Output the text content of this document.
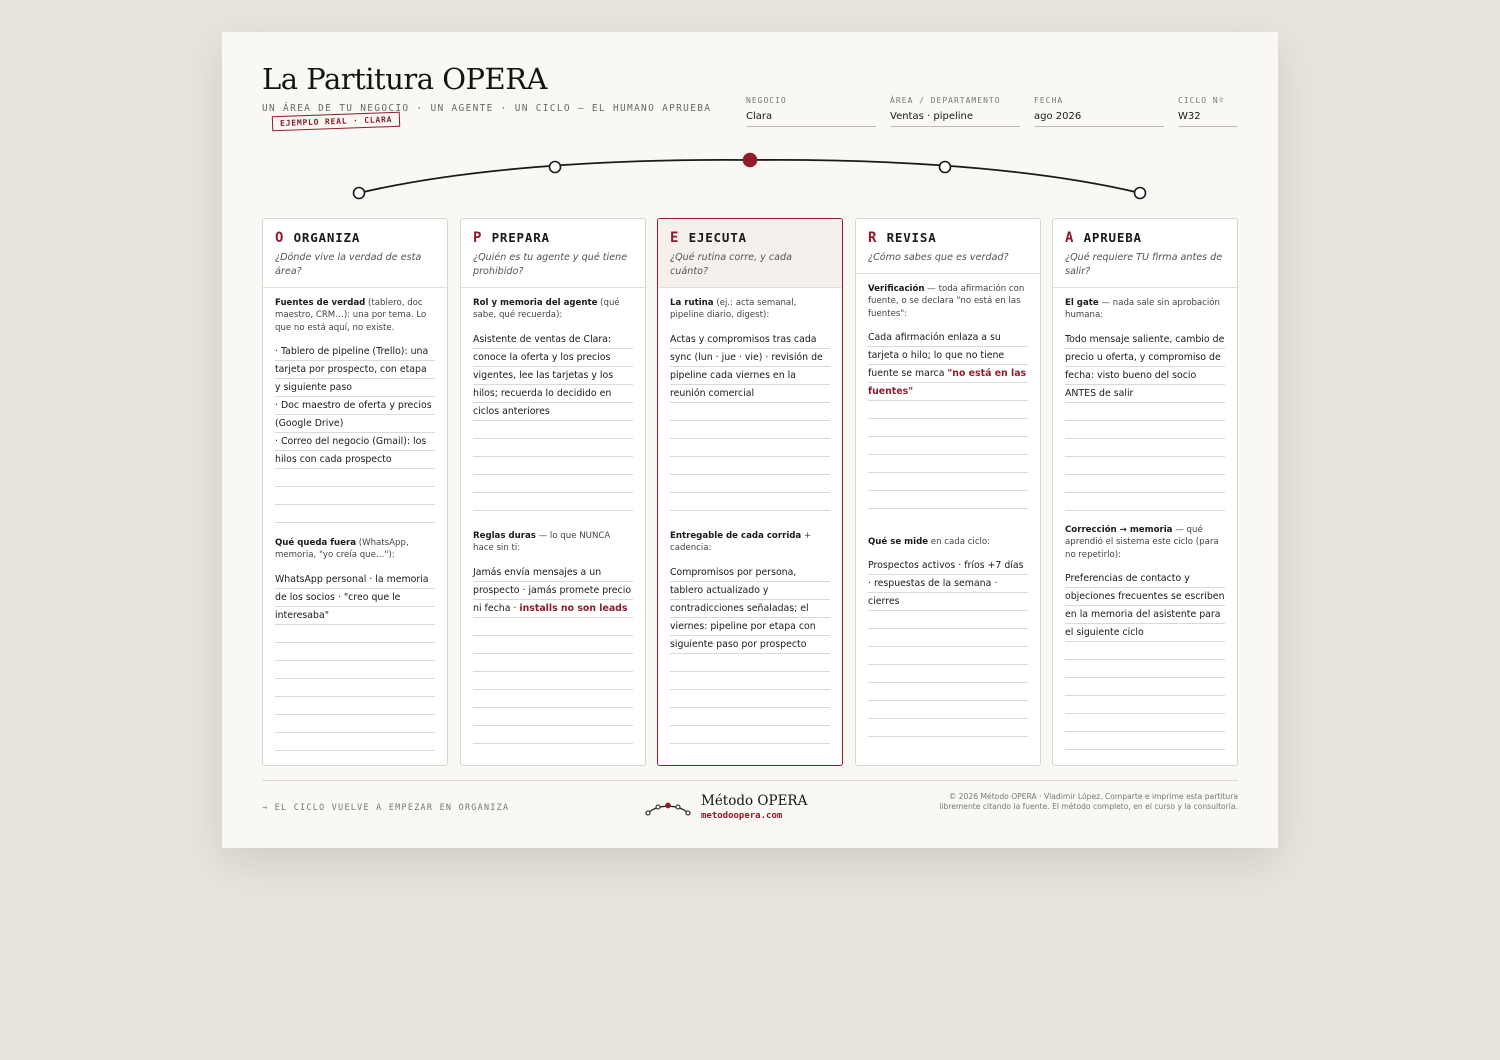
La Partitura OPERA
UN ÁREA DE TU NEGOCIO · UN AGENTE · UN CICLO — EL HUMANO APRUEBA
EJEMPLO REAL · CLARA
NEGOCIO
Clara
ÁREA / DEPARTAMENTO
Ventas · pipeline
FECHA
ago 2026
CICLO Nº
W32
O ORGANIZA
¿Dónde vive la verdad de esta área?
Fuentes de verdad (tablero, doc maestro, CRM…): una por tema. Lo que no está aquí, no existe.
· Tablero de pipeline (Trello): una tarjeta por prospecto, con etapa y siguiente paso
· Doc maestro de oferta y precios (Google Drive)
· Correo del negocio (Gmail): los hilos con cada prospecto
Qué queda fuera (WhatsApp, memoria, "yo creía que…"):
WhatsApp personal · la memoria de los socios · "creo que le interesaba"
P PREPARA
¿Quién es tu agente y qué tiene prohibido?
Rol y memoria del agente (qué sabe, qué recuerda):
Asistente de ventas de Clara: conoce la oferta y los precios vigentes, lee las tarjetas y los hilos; recuerda lo decidido en ciclos anteriores
Reglas duras — lo que NUNCA hace sin ti:
Jamás envía mensajes a un prospecto · jamás promete precio ni fecha · installs no son leads
E EJECUTA
¿Qué rutina corre, y cada cuánto?
La rutina (ej.: acta semanal, pipeline diario, digest):
Actas y compromisos tras cada sync (lun · jue · vie) · revisión de pipeline cada viernes en la reunión comercial
Entregable de cada corrida + cadencia:
Compromisos por persona, tablero actualizado y contradicciones señaladas; el viernes: pipeline por etapa con siguiente paso por prospecto
R REVISA
¿Cómo sabes que es verdad?
Verificación — toda afirmación con fuente, o se declara "no está en las fuentes":
Cada afirmación enlaza a su tarjeta o hilo; lo que no tiene fuente se marca "no está en las fuentes"
Qué se mide en cada ciclo:
Prospectos activos · fríos +7 días · respuestas de la semana · cierres
A APRUEBA
¿Qué requiere TU firma antes de salir?
El gate — nada sale sin aprobación humana:
Todo mensaje saliente, cambio de precio u oferta, y compromiso de fecha: visto bueno del socio ANTES de salir
Corrección → memoria — qué aprendió el sistema este ciclo (para no repetirlo):
Preferencias de contacto y objeciones frecuentes se escriben en la memoria del asistente para el siguiente ciclo
→ EL CICLO VUELVE A EMPEZAR EN ORGANIZA	Método OPERA
metodoopera.com
© 2026 Método OPERA · Vladimir López. Comparte e imprime esta partitura libremente citando la fuente. El método completo, en el curso y la consultoría.
